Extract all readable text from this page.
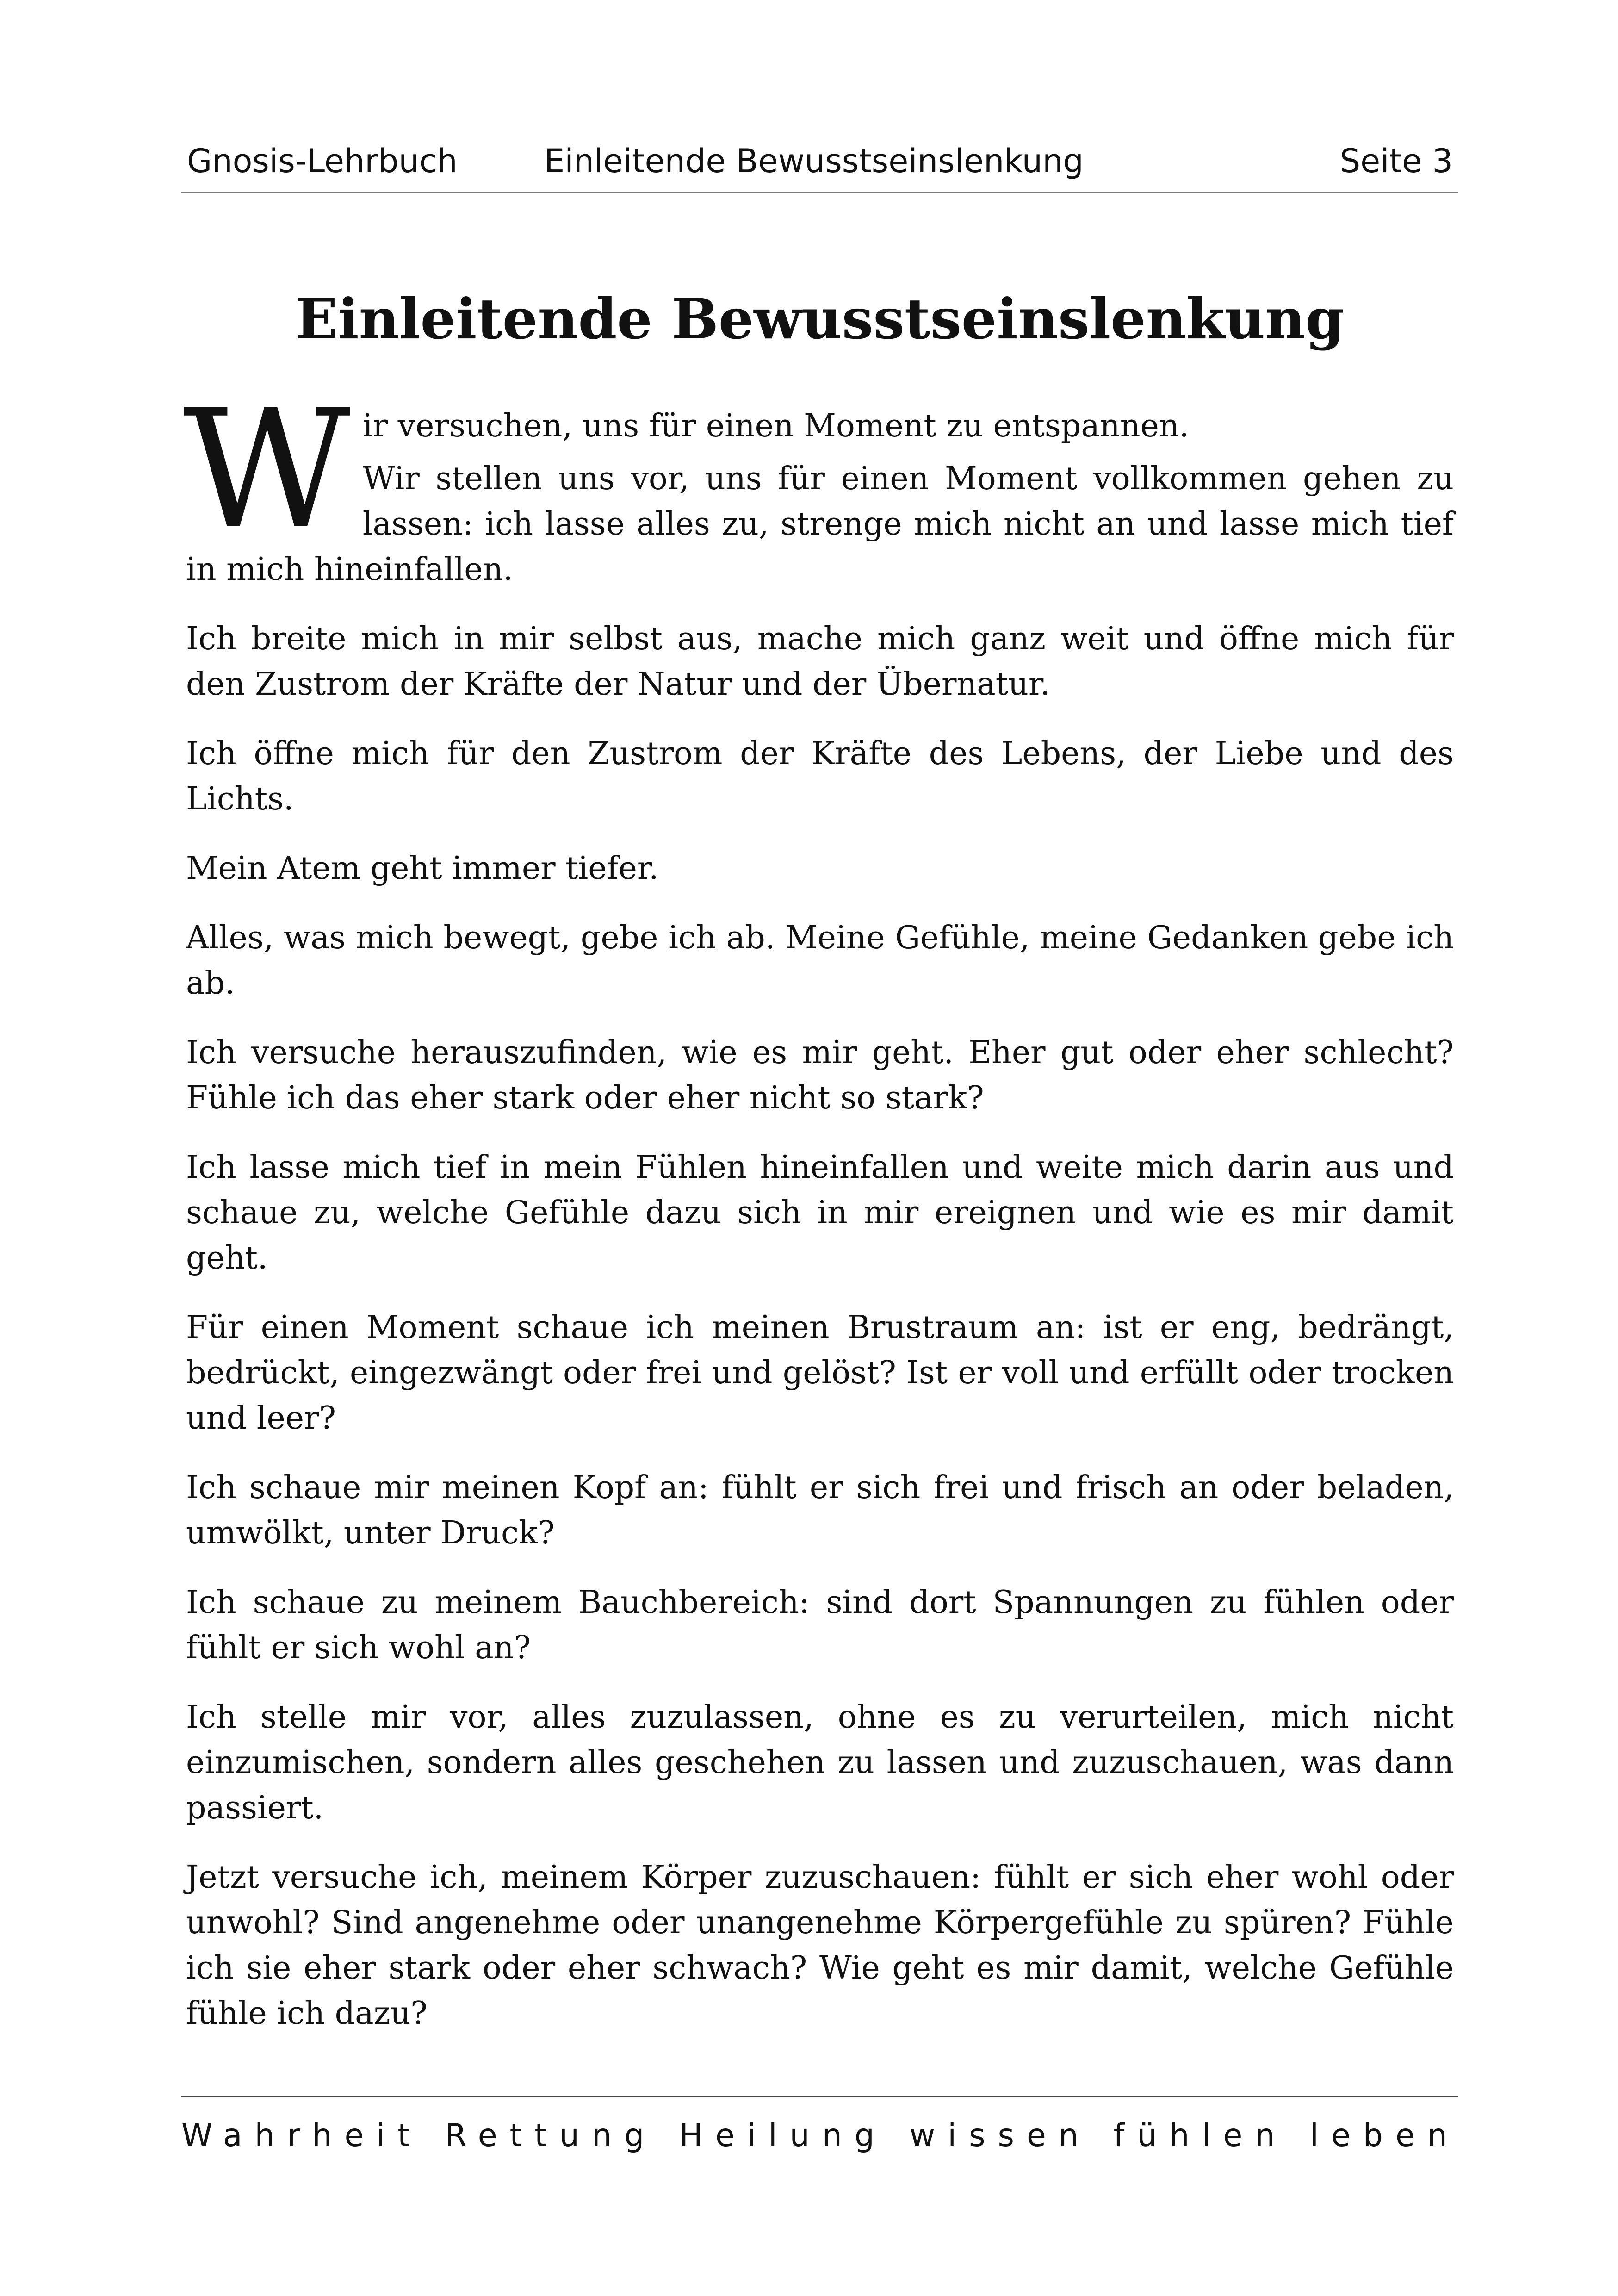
Gnosis-Lehrbuch	Einleitende Bewusstseinslenkung	Seite 3
Einleitende Bewusstseinslenkung

Wir versuchen, uns für einen Moment zu entspannen.

Wir stellen uns vor, uns für einen Moment vollkommen gehen zu lassen: ich lasse alles zu, strenge mich nicht an und lasse mich tief in mich hineinfallen.

Ich breite mich in mir selbst aus, mache mich ganz weit und öffne mich für den Zustrom der Kräfte der Natur und der Übernatur.

Ich öffne mich für den Zustrom der Kräfte des Lebens, der Liebe und des Lichts.

Mein Atem geht immer tiefer.

Alles, was mich bewegt, gebe ich ab. Meine Gefühle, meine Gedanken gebe ich ab.

Ich versuche herauszufinden, wie es mir geht. Eher gut oder eher schlecht? Fühle ich das eher stark oder eher nicht so stark?

Ich lasse mich tief in mein Fühlen hineinfallen und weite mich darin aus und schaue zu, welche Gefühle dazu sich in mir ereignen und wie es mir damit geht.

Für einen Moment schaue ich meinen Brustraum an: ist er eng, bedrängt, bedrückt, eingezwängt oder frei und gelöst? Ist er voll und erfüllt oder trocken und leer?

Ich schaue mir meinen Kopf an: fühlt er sich frei und frisch an oder beladen, umwölkt, unter Druck?

Ich schaue zu meinem Bauchbereich: sind dort Spannungen zu fühlen oder fühlt er sich wohl an?

Ich stelle mir vor, alles zuzulassen, ohne es zu verurteilen, mich nicht einzumischen, sondern alles geschehen zu lassen und zuzuschauen, was dann passiert.

Jetzt versuche ich, meinem Körper zuzuschauen: fühlt er sich eher wohl oder unwohl? Sind angenehme oder unangenehme Körpergefühle zu spüren? Fühle ich sie eher stark oder eher schwach? Wie geht es mir damit, welche Gefühle fühle ich dazu?

Wahrheit Rettung Heilung wissen fühlen leben
